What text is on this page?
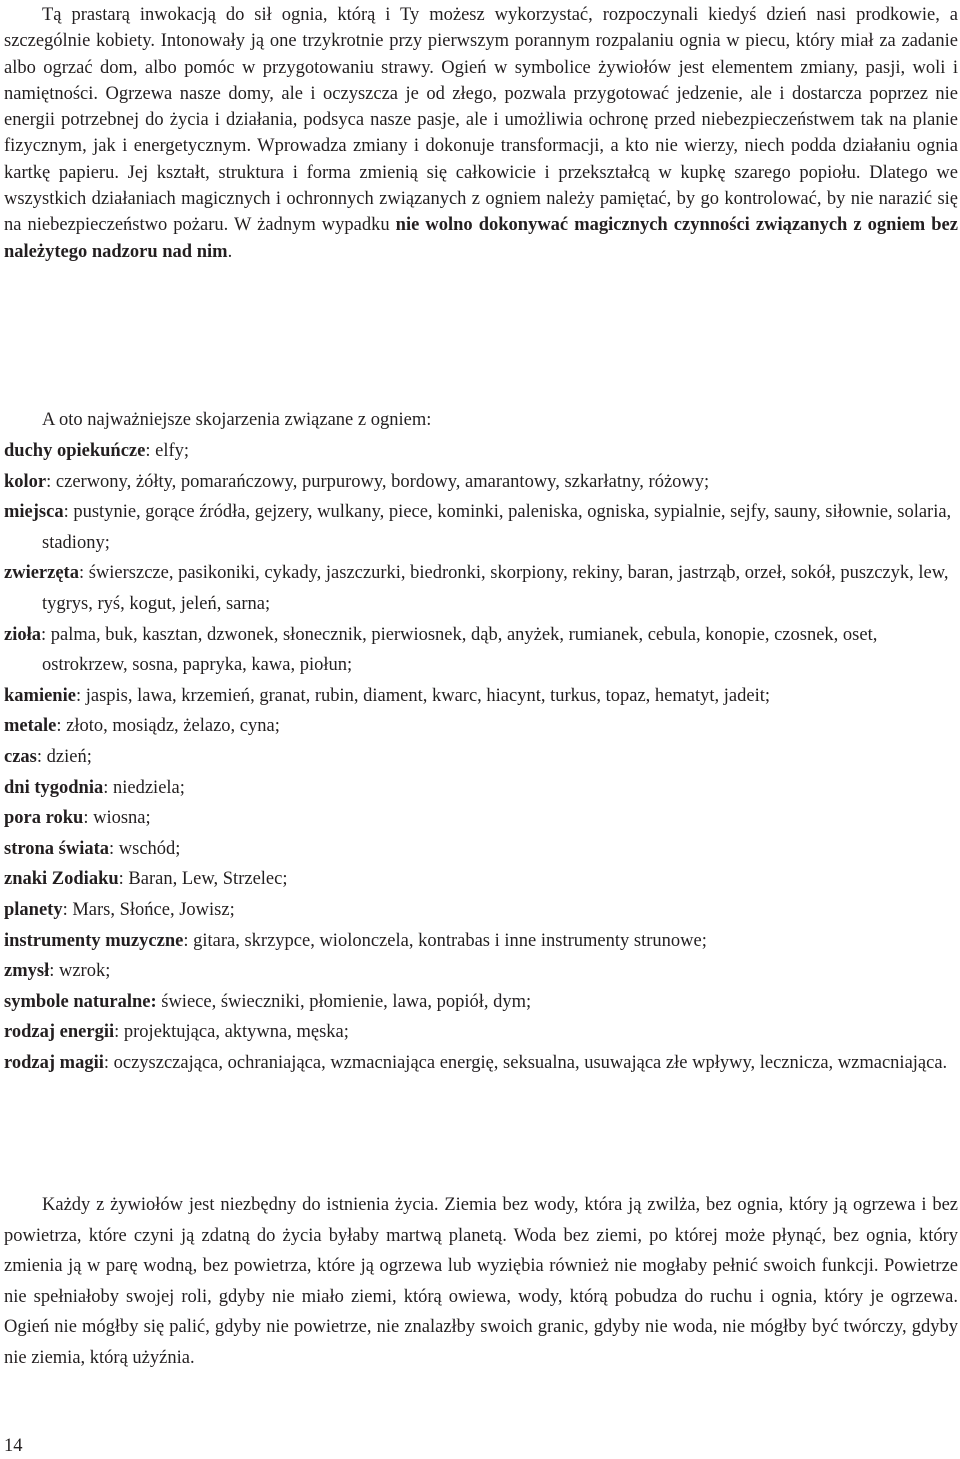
Tą prastarą inwokacją do sił ognia, którą i Ty możesz wykorzystać, rozpoczynali kiedyś dzień nasi prodkowie, a szczególnie kobiety. Intonowały ją one trzykrotnie przy pierwszym porannym rozpalaniu ognia w piecu, który miał za zadanie albo ogrzać dom, albo pomóc w przygotowaniu strawy. Ogień w symbolice żywiołów jest elementem zmiany, pasji, woli i namiętności. Ogrzewa nasze domy, ale i oczyszcza je od złego, pozwala przygotować jedzenie, ale i dostarcza poprzez nie energii potrzebnej do życia i działania, podsyca nasze pasje, ale i umożliwia ochronę przed niebezpieczeństwem tak na planie fizycznym, jak i energetycznym. Wprowadza zmiany i dokonuje transformacji, a kto nie wierzy, niech podda działaniu ognia kartkę papieru. Jej kształt, struktura i forma zmienią się całkowicie i przekształcą w kupkę szarego popiołu. Dlatego we wszystkich działaniach magicznych i ochronnych związanych z ogniem należy pamiętać, by go kontrolować, by nie narazić się na niebezpieczeństwo pożaru. W żadnym wypadku nie wolno dokonywać magicznych czynności związanych z ogniem bez należytego nadzoru nad nim.

A oto najważniejsze skojarzenia związane z ogniem:

duchy opiekuńcze: elfy;
kolor: czerwony, żółty, pomarańczowy, purpurowy, bordowy, amarantowy, szkarłatny, różowy;
miejsca: pustynie, gorące źródła, gejzery, wulkany, piece, kominki, paleniska, ogniska, sypialnie, sejfy, sauny, siłownie, solaria, stadiony;
zwierzęta: świerszcze, pasikoniki, cykady, jaszczurki, biedronki, skorpiony, rekiny, baran, jastrząb, orzeł, sokół, puszczyk, lew, tygrys, ryś, kogut, jeleń, sarna;
zioła: palma, buk, kasztan, dzwonek, słonecznik, pierwiosnek, dąb, anyżek, rumianek, cebula, konopie, czosnek, oset, ostrokrzew, sosna, papryka, kawa, piołun;
kamienie: jaspis, lawa, krzemień, granat, rubin, diament, kwarc, hiacynt, turkus, topaz, hematyt, jadeit;
metale: złoto, mosiądz, żelazo, cyna;
czas: dzień;
dni tygodnia: niedziela;
pora roku: wiosna;
strona świata: wschód;
znaki Zodiaku: Baran, Lew, Strzelec;
planety: Mars, Słońce, Jowisz;
instrumenty muzyczne: gitara, skrzypce, wiolonczela, kontrabas i inne instrumenty strunowe;
zmysł: wzrok;
symbole naturalne: świece, świeczniki, płomienie, lawa, popiół, dym;
rodzaj energii: projektująca, aktywna, męska;
rodzaj magii: oczyszczająca, ochraniająca, wzmacniająca energię, seksualna, usuwająca złe wpływy, lecznicza, wzmacniająca.

Każdy z żywiołów jest niezbędny do istnienia życia. Ziemia bez wody, która ją zwilża, bez ognia, który ją ogrzewa i bez powietrza, które czyni ją zdatną do życia byłaby martwą planetą. Woda bez ziemi, po której może płynąć, bez ognia, który zmienia ją w parę wodną, bez powietrza, które ją ogrzewa lub wyziębia również nie mogłaby pełnić swoich funkcji. Powietrze nie spełniałoby swojej roli, gdyby nie miało ziemi, którą owiewa, wody, którą pobudza do ruchu i ognia, który je ogrzewa. Ogień nie mógłby się palić, gdyby nie powietrze, nie znalazłby swoich granic, gdyby nie woda, nie mógłby być twórczy, gdyby nie ziemia, którą użyźnia.

14
